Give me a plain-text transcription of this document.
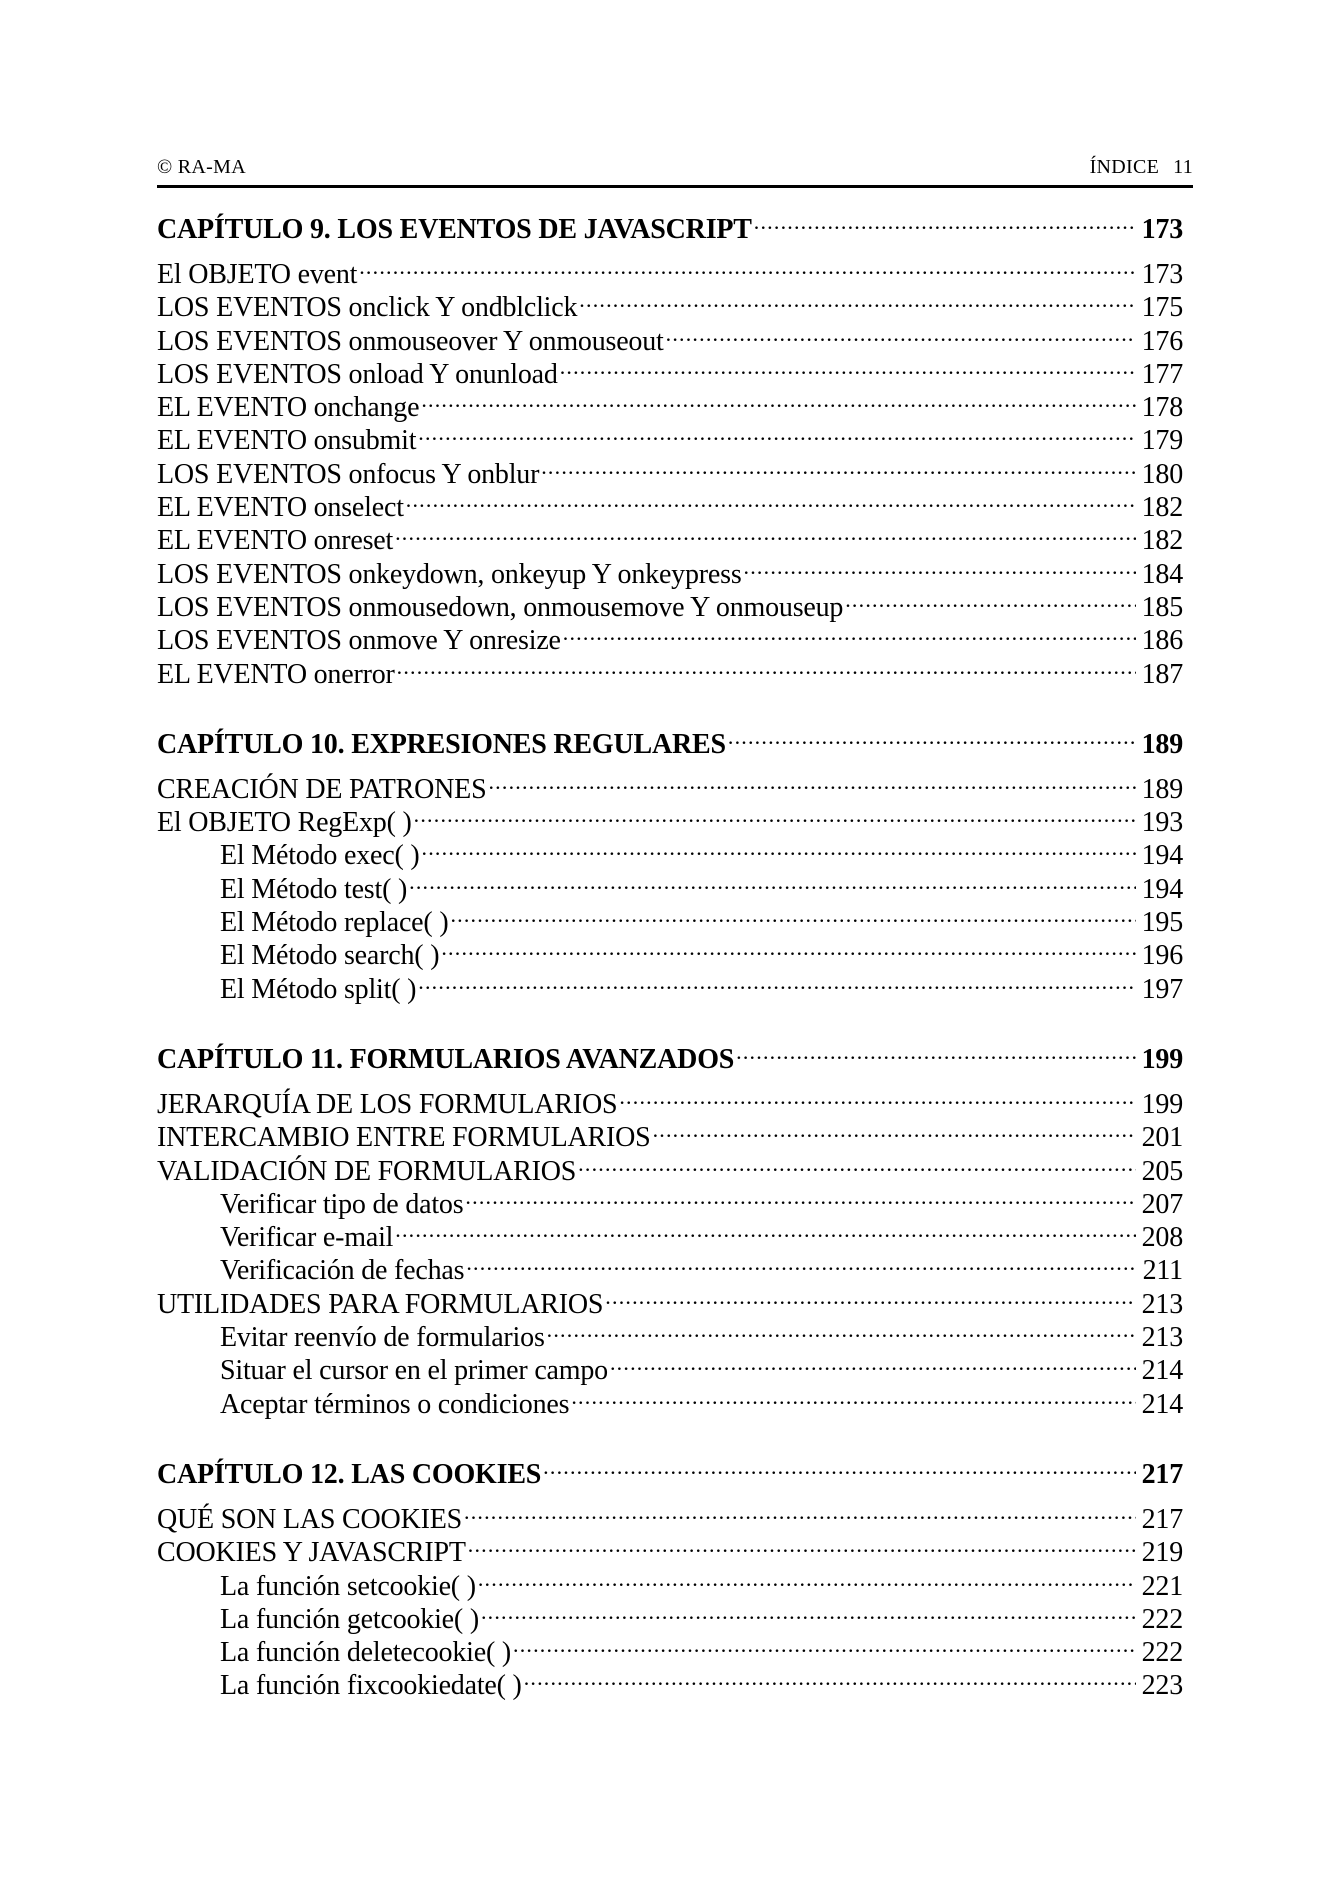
© RA-MA	ÍNDICE 11
CAPÍTULO 9. LOS EVENTOS DE JAVASCRIPT .....	173
El OBJETO event .....	173
LOS EVENTOS onclick Y ondblclick .....	175
LOS EVENTOS onmouseover Y onmouseout .....	176
LOS EVENTOS onload Y onunload .....	177
EL EVENTO onchange .....	178
EL EVENTO onsubmit .....	179
LOS EVENTOS onfocus Y onblur .....	180
EL EVENTO onselect .....	182
EL EVENTO onreset .....	182
LOS EVENTOS onkeydown, onkeyup Y onkeypress .....	184
LOS EVENTOS onmousedown, onmousemove Y onmouseup .....	185
LOS EVENTOS onmove Y onresize .....	186
EL EVENTO onerror .....	187
CAPÍTULO 10. EXPRESIONES REGULARES .....	189
CREACIÓN DE PATRONES .....	189
El OBJETO RegExp( ) .....	193
El Método exec( ) .....	194
El Método test( ) .....	194
El Método replace( ) .....	195
El Método search( ) .....	196
El Método split( ) .....	197
CAPÍTULO 11. FORMULARIOS AVANZADOS .....	199
JERARQUÍA DE LOS FORMULARIOS .....	199
INTERCAMBIO ENTRE FORMULARIOS .....	201
VALIDACIÓN DE FORMULARIOS .....	205
Verificar tipo de datos .....	207
Verificar e-mail .....	208
Verificación de fechas .....	211
UTILIDADES PARA FORMULARIOS .....	213
Evitar reenvío de formularios .....	213
Situar el cursor en el primer campo .....	214
Aceptar términos o condiciones .....	214
CAPÍTULO 12. LAS COOKIES .....	217
QUÉ SON LAS COOKIES .....	217
COOKIES Y JAVASCRIPT .....	219
La función setcookie( ) .....	221
La función getcookie( ) .....	222
La función deletecookie( ) .....	222
La función fixcookiedate( ) .....	223
